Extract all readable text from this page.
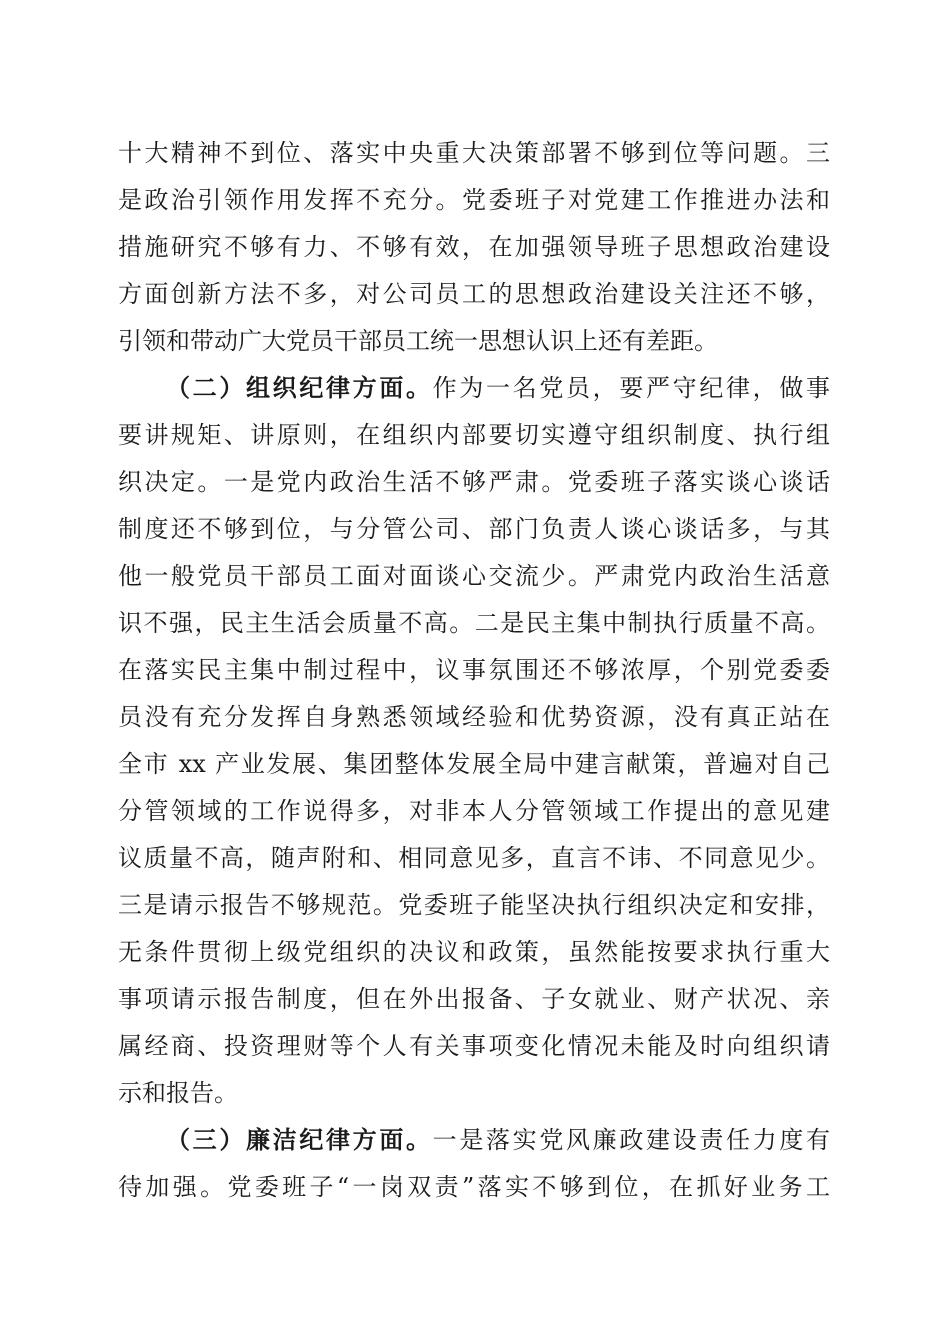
十大精神不到位、落实中央重大决策部署不够到位等问题。三
是政治引领作用发挥不充分。党委班子对党建工作推进办法和
措施研究不够有力、不够有效，在加强领导班子思想政治建设
方面创新方法不多，对公司员工的思想政治建设关注还不够，
引领和带动广大党员干部员工统一思想认识上还有差距。
（二）组织纪律方面。作为一名党员，要严守纪律，做事
要讲规矩、讲原则，在组织内部要切实遵守组织制度、执行组
织决定。一是党内政治生活不够严肃。党委班子落实谈心谈话
制度还不够到位，与分管公司、部门负责人谈心谈话多，与其
他一般党员干部员工面对面谈心交流少。严肃党内政治生活意
识不强，民主生活会质量不高。二是民主集中制执行质量不高。
在落实民主集中制过程中，议事氛围还不够浓厚，个别党委委
员没有充分发挥自身熟悉领域经验和优势资源，没有真正站在
全市 xx 产业发展、集团整体发展全局中建言献策，普遍对自己
分管领域的工作说得多，对非本人分管领域工作提出的意见建
议质量不高，随声附和、相同意见多，直言不讳、不同意见少。
三是请示报告不够规范。党委班子能坚决执行组织决定和安排，
无条件贯彻上级党组织的决议和政策，虽然能按要求执行重大
事项请示报告制度，但在外出报备、子女就业、财产状况、亲
属经商、投资理财等个人有关事项变化情况未能及时向组织请
示和报告。
（三）廉洁纪律方面。一是落实党风廉政建设责任力度有
待加强。党委班子“一岗双责”落实不够到位，在抓好业务工
